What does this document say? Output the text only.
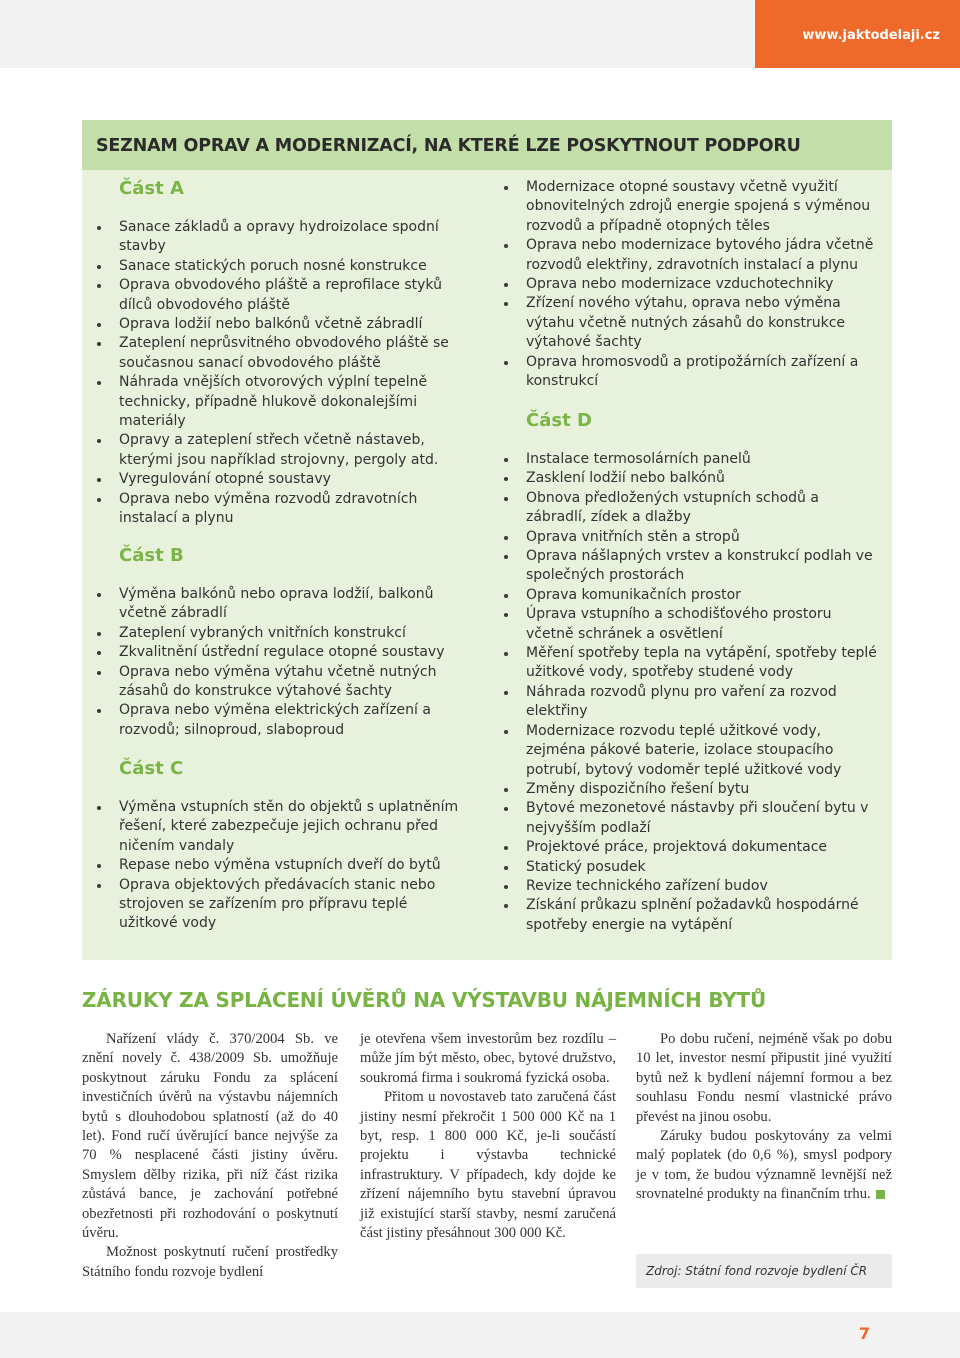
www.jaktodelaji.cz
SEZNAM OPRAV A MODERNIZACÍ, NA KTERÉ LZE POSKYTNOUT PODPORU
Část A
Sanace základů a opravy hydroizolace spodní stavby
Sanace statických poruch nosné konstrukce
Oprava obvodového pláště a reprofilace styků dílců obvodového pláště
Oprava lodžií nebo balkónů včetně zábradlí
Zateplení neprůsvitného obvodového pláště se současnou sanací obvodového pláště
Náhrada vnějších otvorových výplní tepelně technicky, případně hlukově dokonalejšími materiály
Opravy a zateplení střech včetně nástaveb, kterými jsou například strojovny, pergoly atd.
Vyregulování otopné soustavy
Oprava nebo výměna rozvodů zdravotních instalací a plynu
Část B
Výměna balkónů nebo oprava lodžií, balkonů včetně zábradlí
Zateplení vybraných vnitřních konstrukcí
Zkvalitnění ústřední regulace otopné soustavy
Oprava nebo výměna výtahu včetně nutných zásahů do konstrukce výtahové šachty
Oprava nebo výměna elektrických zařízení a rozvodů; silnoproud, slaboproud
Část C
Výměna vstupních stěn do objektů s uplatněním řešení, které zabezpečuje jejich ochranu před ničením vandaly
Repase nebo výměna vstupních dveří do bytů
Oprava objektových předávacích stanic nebo strojoven se zařízením pro přípravu teplé užitkové vody
Modernizace otopné soustavy včetně využití obnovitelných zdrojů energie spojená s výměnou rozvodů a případně otopných těles
Oprava nebo modernizace bytového jádra včetně rozvodů elektřiny, zdravotních instalací a plynu
Oprava nebo modernizace vzduchotechniky
Zřízení nového výtahu, oprava nebo výměna výtahu včetně nutných zásahů do konstrukce výtahové šachty
Oprava hromosvodů a protipožárních zařízení a konstrukcí
Část D
Instalace termosolárních panelů
Zasklení lodžií nebo balkónů
Obnova předložených vstupních schodů a zábradlí, zídek a dlažby
Oprava vnitřních stěn a stropů
Oprava nášlapných vrstev a konstrukcí podlah ve společných prostorách
Oprava komunikačních prostor
Úprava vstupního a schodišťového prostoru včetně schránek a osvětlení
Měření spotřeby tepla na vytápění, spotřeby teplé užitkové vody, spotřeby studené vody
Náhrada rozvodů plynu pro vaření za rozvod elektřiny
Modernizace rozvodu teplé užitkové vody, zejména pákové baterie, izolace stoupacího potrubí, bytový vodoměr teplé užitkové vody
Změny dispozičního řešení bytu
Bytové mezonetové nástavby při sloučení bytu v nejvyšším podlaží
Projektové práce, projektová dokumentace
Statický posudek
Revize technického zařízení budov
Získání průkazu splnění požadavků hospodárné spotřeby energie na vytápění
ZÁRUKY ZA SPLÁCENÍ ÚVĚRŮ NA VÝSTAVBU NÁJEMNÍCH BYTŮ

Nařízení vlády č. 370/2004 Sb. ve znění novely č. 438/2009 Sb. umožňuje poskytnout záruku Fondu za splácení investičních úvěrů na výstavbu nájemních bytů s dlouhodobou splatností (až do 40 let). Fond ručí úvěrující bance nejvýše za 70 % nesplacené části jistiny úvěru. Smyslem dělby rizika, při níž část rizika zůstává bance, je zachování potřebné obezřetnosti při rozhodování o poskytnutí úvěru.

Možnost poskytnutí ručení prostředky Státního fondu rozvoje bydlení

je otevřena všem investorům bez rozdílu – může jím být město, obec, bytové družstvo, soukromá firma i soukromá fyzická osoba.

Přitom u novostaveb tato zaručená část jistiny nesmí překročit 1 500 000 Kč na 1 byt, resp. 1 800 000 Kč, je-li součástí projektu i výstavba technické infrastruktury. V případech, kdy dojde ke zřízení nájemního bytu stavební úpravou již existující starší stavby, nesmí zaručená část jistiny přesáhnout 300 000 Kč.

Po dobu ručení, nejméně však po dobu 10 let, investor nesmí připustit jiné využití bytů než k bydlení nájemní formou a bez souhlasu Fondu nesmí vlastnické právo převést na jinou osobu.

Záruky budou poskytovány za velmi malý poplatek (do 0,6 %), smysl podpory je v tom, že budou významně levnější než srovnatelné produkty na finančním trhu.

Zdroj: Státní fond rozvoje bydlení ČR
7
